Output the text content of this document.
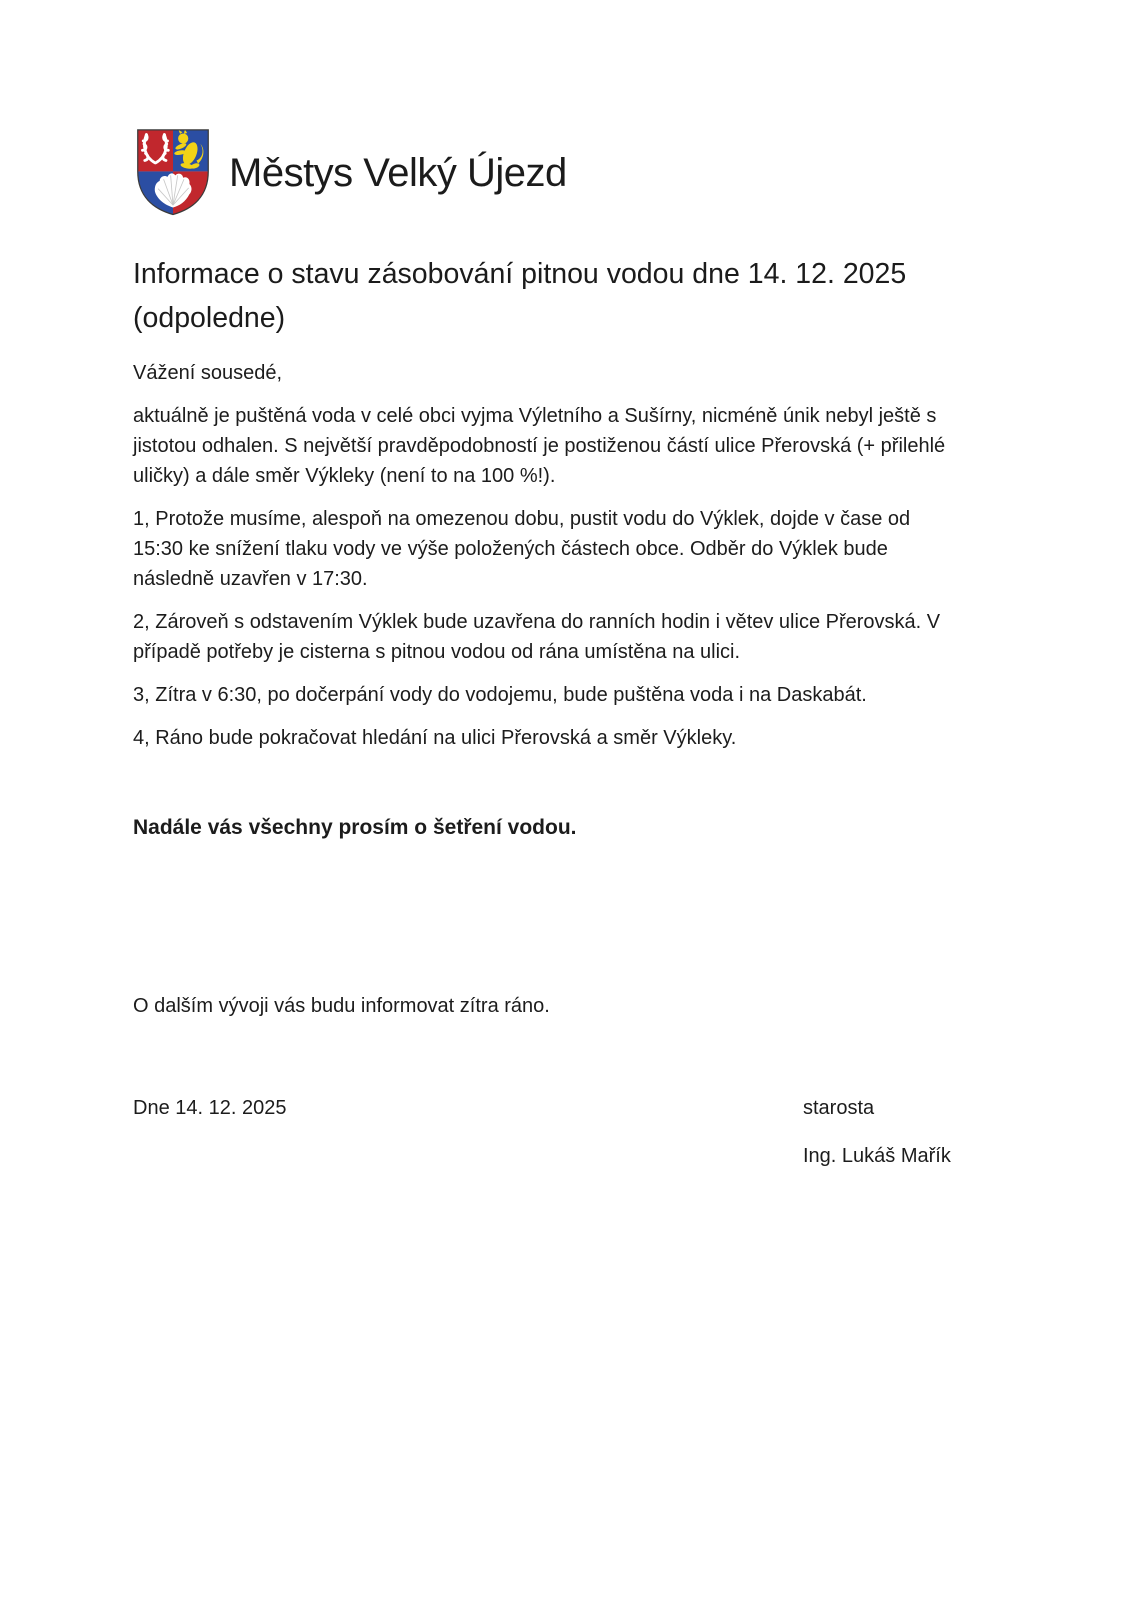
Městys Velký Újezd
Informace o stavu zásobování pitnou vodou dne 14. 12. 2025 (odpoledne)

Vážení sousedé,

aktuálně je puštěná voda v celé obci vyjma Výletního a Sušírny, nicméně únik nebyl ještě s jistotou odhalen. S největší pravděpodobností je postiženou částí ulice Přerovská (+ přilehlé uličky) a dále směr Výkleky (není to na 100 %!).

1, Protože musíme, alespoň na omezenou dobu, pustit vodu do Výklek, dojde v čase od 15:30 ke snížení tlaku vody ve výše položených částech obce. Odběr do Výklek bude následně uzavřen v 17:30.

2, Zároveň s odstavením Výklek bude uzavřena do ranních hodin i větev ulice Přerovská. V případě potřeby je cisterna s pitnou vodou od rána umístěna na ulici.

3, Zítra v 6:30, po dočerpání vody do vodojemu, bude puštěna voda i na Daskabát.

4, Ráno bude pokračovat hledání na ulici Přerovská a směr Výkleky.

Nadále vás všechny prosím o šetření vodou.

O dalším vývoji vás budu informovat zítra ráno.

Dne 14. 12. 2025	starosta
Ing. Lukáš Mařík
